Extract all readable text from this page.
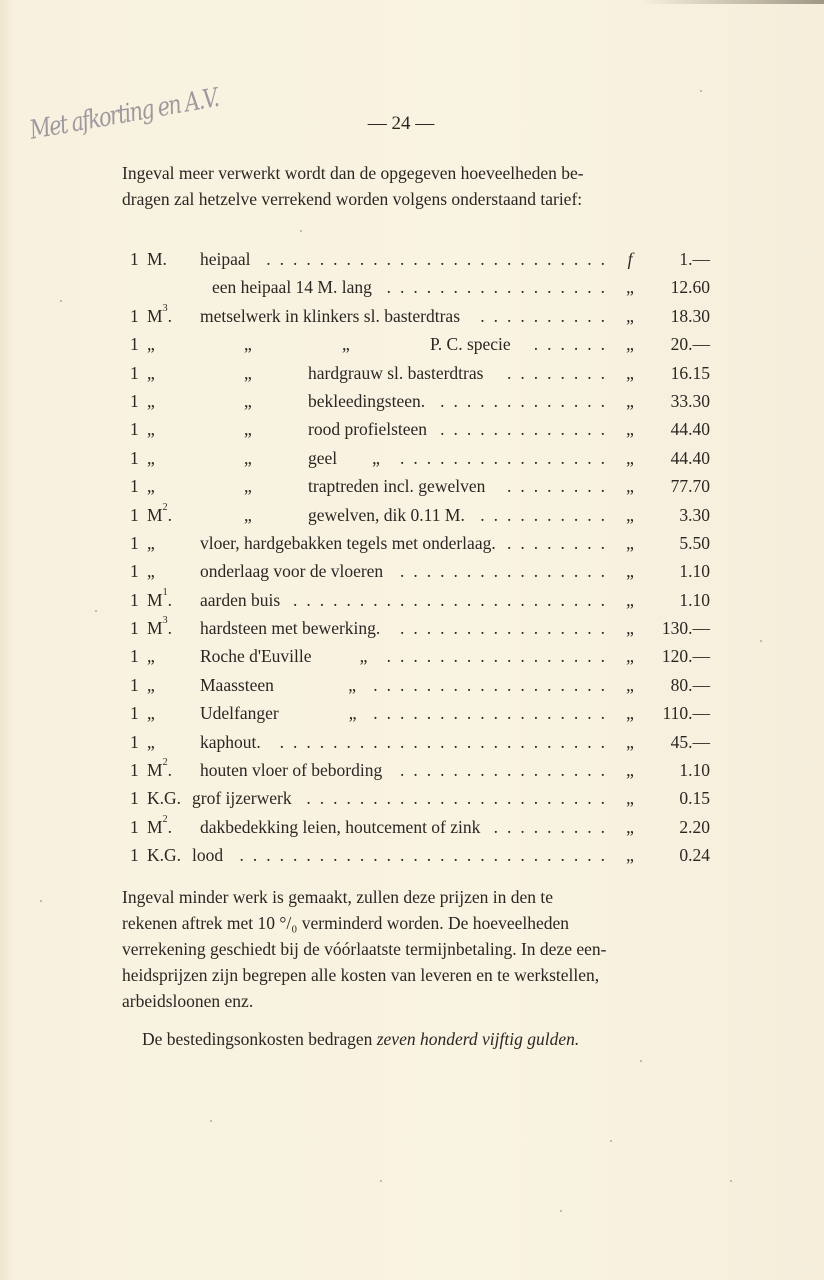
Met afkorting en A.V.	— 24 —
Ingeval meer verwerkt wordt dan de opgegeven hoeveelheden be-
dragen zal hetzelve verrekend worden volgens onderstaand tarief:
1 M. heipaal .......................... f	1.—
een heipaal 14 M. lang ................. „	12.60
1 $M^3$. metselwerk in klinkers sl. basterdtras	.......... „	18.30
1 „	„	„	P. C. specie	...... „	20.—
1 „	„	hardgrauw sl. basterdtras	........ „	16.15
1 „	„	bekleedingsteen. ............. „	33.30
1 „	„	rood profielsteen ............. „	44.40
1 „	„	geel        „	................ „	44.40
1 „	„	traptreden incl. gewelven	........ „	77.70
1 $M^2$.	„	gewelven, dik 0.11 M. .......... „	3.30
1 „	vloer, hardgebakken tegels met onderlaag. ........ „	5.50
1 „	onderlaag voor de vloeren ................ „	1.10
1 $M^1$. aarden buis ........................ „	1.10
1 $M^3$. hardsteen met bewerking.	................ „	130.—
1 „	Roche d'Euville           „	................. „	120.—
1 „	Maassteen                 „ .................. „	80.—
1 „	Udelfanger                „ .................. „	110.—
1 „	kaphout.	......................... „	45.—
1 $M^2$. houten vloer of bebording	................ „	1.10
1 K.G. grof ijzerwerk ....................... „	0.15
1 $M^2$. dakbedekking leien, houtcement of zink ......... „	2.20
1 K.G. lood ............................ „	0.24
Ingeval minder werk is gemaakt, zullen deze prijzen in den te
rekenen aftrek met 10 °/₀ verminderd worden. De hoeveelheden
verrekening geschiedt bij de vóórlaatste termijnbetaling. In deze een-
heidsprijzen zijn begrepen alle kosten van leveren en te werkstellen,
arbeidsloonen enz.
De bestedingsonkosten bedragen zeven honderd vijftig gulden.
